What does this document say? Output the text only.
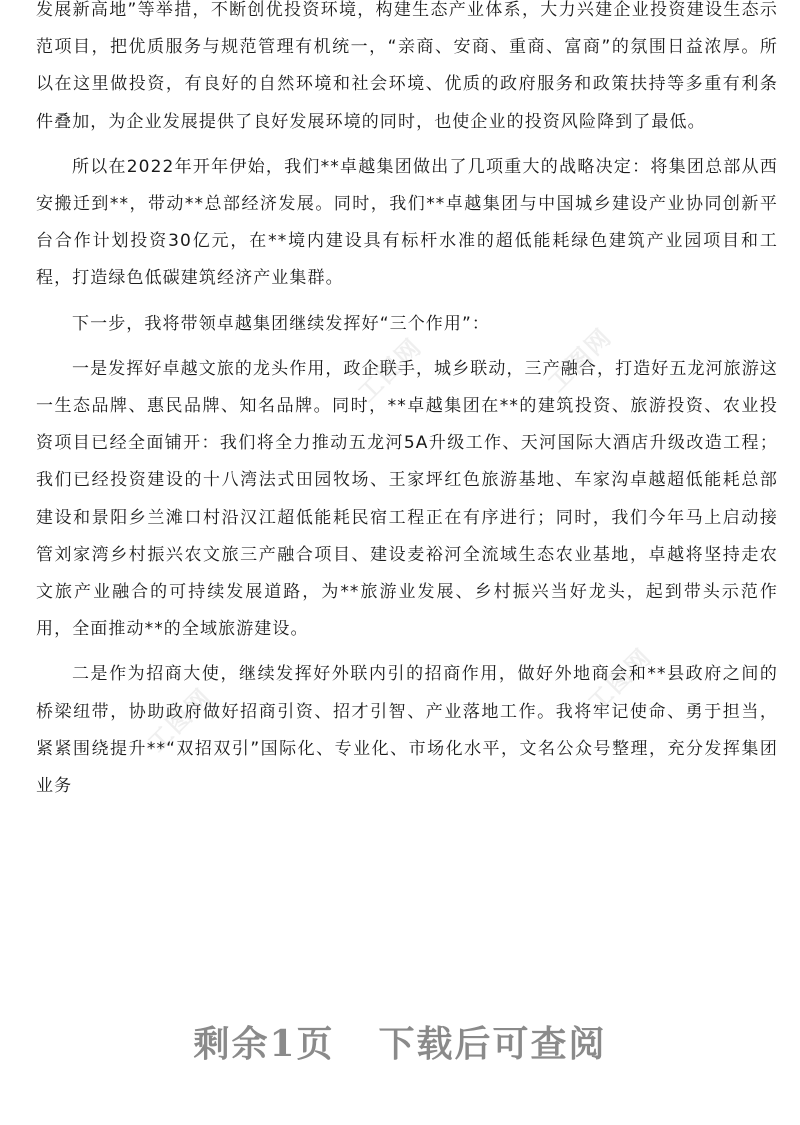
工图网	工图网
工图网
工图网

发展新高地”等举措，不断创优投资环境，构建生态产业体系，大力兴建企业投资建设生态示范项目，把优质服务与规范管理有机统一，“亲商、安商、重商、富商”的氛围日益浓厚。所以在这里做投资，有良好的自然环境和社会环境、优质的政府服务和政策扶持等多重有利条件叠加，为企业发展提供了良好发展环境的同时，也使企业的投资风险降到了最低。

所以在2022年开年伊始，我们**卓越集团做出了几项重大的战略决定：将集团总部从西安搬迁到**，带动**总部经济发展。同时，我们**卓越集团与中国城乡建设产业协同创新平台合作计划投资30亿元，在**境内建设具有标杆水准的超低能耗绿色建筑产业园项目和工程，打造绿色低碳建筑经济产业集群。

下一步，我将带领卓越集团继续发挥好“三个作用”：

一是发挥好卓越文旅的龙头作用，政企联手，城乡联动，三产融合，打造好五龙河旅游这一生态品牌、惠民品牌、知名品牌。同时，**卓越集团在**的建筑投资、旅游投资、农业投资项目已经全面铺开：我们将全力推动五龙河5A升级工作、天河国际大酒店升级改造工程；我们已经投资建设的十八湾法式田园牧场、王家坪红色旅游基地、车家沟卓越超低能耗总部建设和景阳乡兰滩口村沿汉江超低能耗民宿工程正在有序进行；同时，我们今年马上启动接管刘家湾乡村振兴农文旅三产融合项目、建设麦裕河全流域生态农业基地，卓越将坚持走农文旅产业融合的可持续发展道路，为**旅游业发展、乡村振兴当好龙头，起到带头示范作用，全面推动**的全域旅游建设。

二是作为招商大使，继续发挥好外联内引的招商作用，做好外地商会和**县政府之间的桥梁纽带，协助政府做好招商引资、招才引智、产业落地工作。我将牢记使命、勇于担当，紧紧围绕提升**“双招双引”国际化、专业化、市场化水平，文名公众号整理，充分发挥集团业务

剩余1页 下载后可查阅
